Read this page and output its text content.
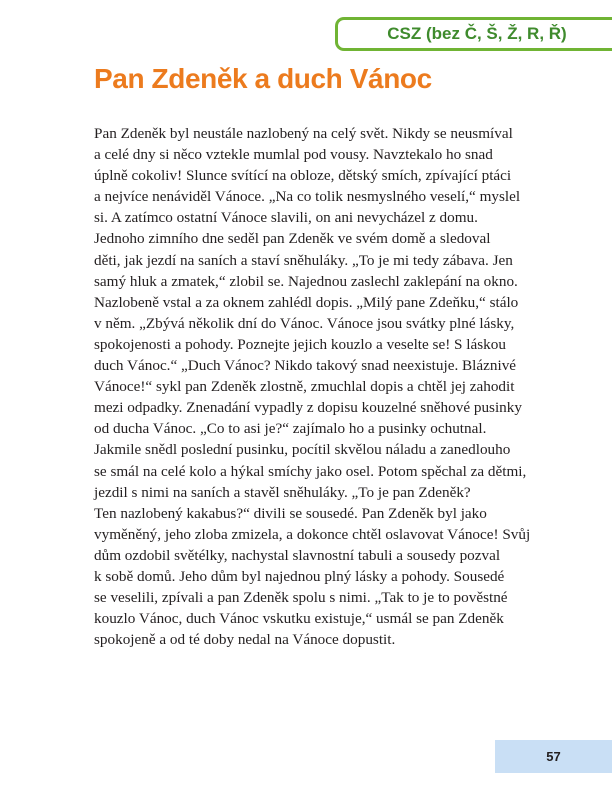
CSZ (bez Č, Š, Ž, R, Ř)
Pan Zdeněk a duch Vánoc
Pan Zdeněk byl neustále nazlobený na celý svět. Nikdy se neusmíval
a celé dny si něco vztekle mumlal pod vousy. Navztekalo ho snad
úplně cokoliv! Slunce svítící na obloze, dětský smích, zpívající ptáci
a nejvíce nenáviděl Vánoce. „Na co tolik nesmyslného veselí,“ myslel
si. A zatímco ostatní Vánoce slavili, on ani nevycházel z domu.
Jednoho zimního dne seděl pan Zdeněk ve svém domě a sledoval
děti, jak jezdí na saních a staví sněhuláky. „To je mi tedy zábava. Jen
samý hluk a zmatek,“ zlobil se. Najednou zaslechl zaklepání na okno.
Nazlobeně vstal a za oknem zahlédl dopis. „Milý pane Zdeňku,“ stálo
v něm. „Zbývá několik dní do Vánoc. Vánoce jsou svátky plné lásky,
spokojenosti a pohody. Poznejte jejich kouzlo a veselte se! S láskou
duch Vánoc.“ „Duch Vánoc? Nikdo takový snad neexistuje. Bláznivé
Vánoce!“ sykl pan Zdeněk zlostně, zmuchlal dopis a chtěl jej zahodit
mezi odpadky. Znenadání vypadly z dopisu kouzelné sněhové pusinky
od ducha Vánoc. „Co to asi je?“ zajímalo ho a pusinky ochutnal.
Jakmile snědl poslední pusinku, pocítil skvělou náladu a zanedlouho
se smál na celé kolo a hýkal smíchy jako osel. Potom spěchal za dětmi,
jezdil s nimi na saních a stavěl sněhuláky. „To je pan Zdeněk?
Ten nazlobený kakabus?“ divili se sousedé. Pan Zdeněk byl jako
vyměněný, jeho zloba zmizela, a dokonce chtěl oslavovat Vánoce! Svůj
dům ozdobil světélky, nachystal slavnostní tabuli a sousedy pozval
k sobě domů. Jeho dům byl najednou plný lásky a pohody. Sousedé
se veselili, zpívali a pan Zdeněk spolu s nimi. „Tak to je to pověstné
kouzlo Vánoc, duch Vánoc vskutku existuje,“ usmál se pan Zdeněk
spokojeně a od té doby nedal na Vánoce dopustit.
57
